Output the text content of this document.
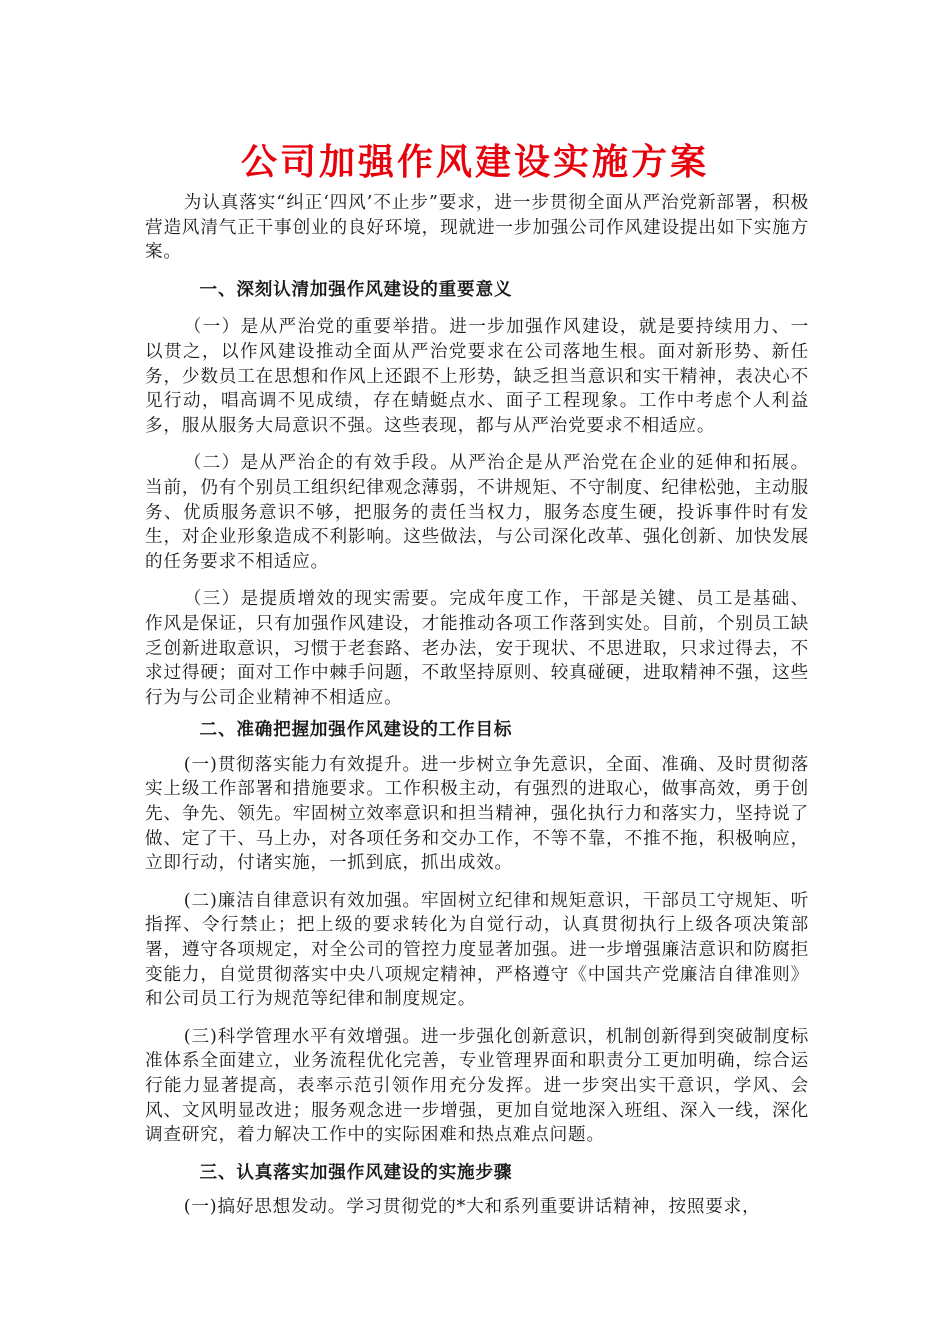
公司加强作风建设实施方案

为认真落实“纠正‘四风’不止步”要求，进一步贯彻全面从严治党新部署，积极营造风清气正干事创业的良好环境，现就进一步加强公司作风建设提出如下实施方案。

一、深刻认清加强作风建设的重要意义

（一）是从严治党的重要举措。进一步加强作风建设，就是要持续用力、一以贯之，以作风建设推动全面从严治党要求在公司落地生根。面对新形势、新任务，少数员工在思想和作风上还跟不上形势，缺乏担当意识和实干精神，表决心不见行动，唱高调不见成绩，存在蜻蜓点水、面子工程现象。工作中考虑个人利益多，服从服务大局意识不强。这些表现，都与从严治党要求不相适应。

（二）是从严治企的有效手段。从严治企是从严治党在企业的延伸和拓展。当前，仍有个别员工组织纪律观念薄弱，不讲规矩、不守制度、纪律松弛，主动服务、优质服务意识不够，把服务的责任当权力，服务态度生硬，投诉事件时有发生，对企业形象造成不利影响。这些做法，与公司深化改革、强化创新、加快发展的任务要求不相适应。

（三）是提质增效的现实需要。完成年度工作，干部是关键、员工是基础、作风是保证，只有加强作风建设，才能推动各项工作落到实处。目前，个别员工缺乏创新进取意识，习惯于老套路、老办法，安于现状、不思进取，只求过得去，不求过得硬；面对工作中棘手问题，不敢坚持原则、较真碰硬，进取精神不强，这些行为与公司企业精神不相适应。

二、准确把握加强作风建设的工作目标

(一)贯彻落实能力有效提升。进一步树立争先意识，全面、准确、及时贯彻落实上级工作部署和措施要求。工作积极主动，有强烈的进取心，做事高效，勇于创先、争先、领先。牢固树立效率意识和担当精神，强化执行力和落实力，坚持说了做、定了干、马上办，对各项任务和交办工作，不等不靠，不推不拖，积极响应，立即行动，付诸实施，一抓到底，抓出成效。

(二)廉洁自律意识有效加强。牢固树立纪律和规矩意识，干部员工守规矩、听指挥、令行禁止；把上级的要求转化为自觉行动，认真贯彻执行上级各项决策部署，遵守各项规定，对全公司的管控力度显著加强。进一步增强廉洁意识和防腐拒变能力，自觉贯彻落实中央八项规定精神，严格遵守《中国共产党廉洁自律准则》和公司员工行为规范等纪律和制度规定。

(三)科学管理水平有效增强。进一步强化创新意识，机制创新得到突破制度标准体系全面建立，业务流程优化完善，专业管理界面和职责分工更加明确，综合运行能力显著提高，表率示范引领作用充分发挥。进一步突出实干意识，学风、会风、文风明显改进；服务观念进一步增强，更加自觉地深入班组、深入一线，深化调查研究，着力解决工作中的实际困难和热点难点问题。

三、认真落实加强作风建设的实施步骤

(一)搞好思想发动。学习贯彻党的*大和系列重要讲话精神，按照要求，
